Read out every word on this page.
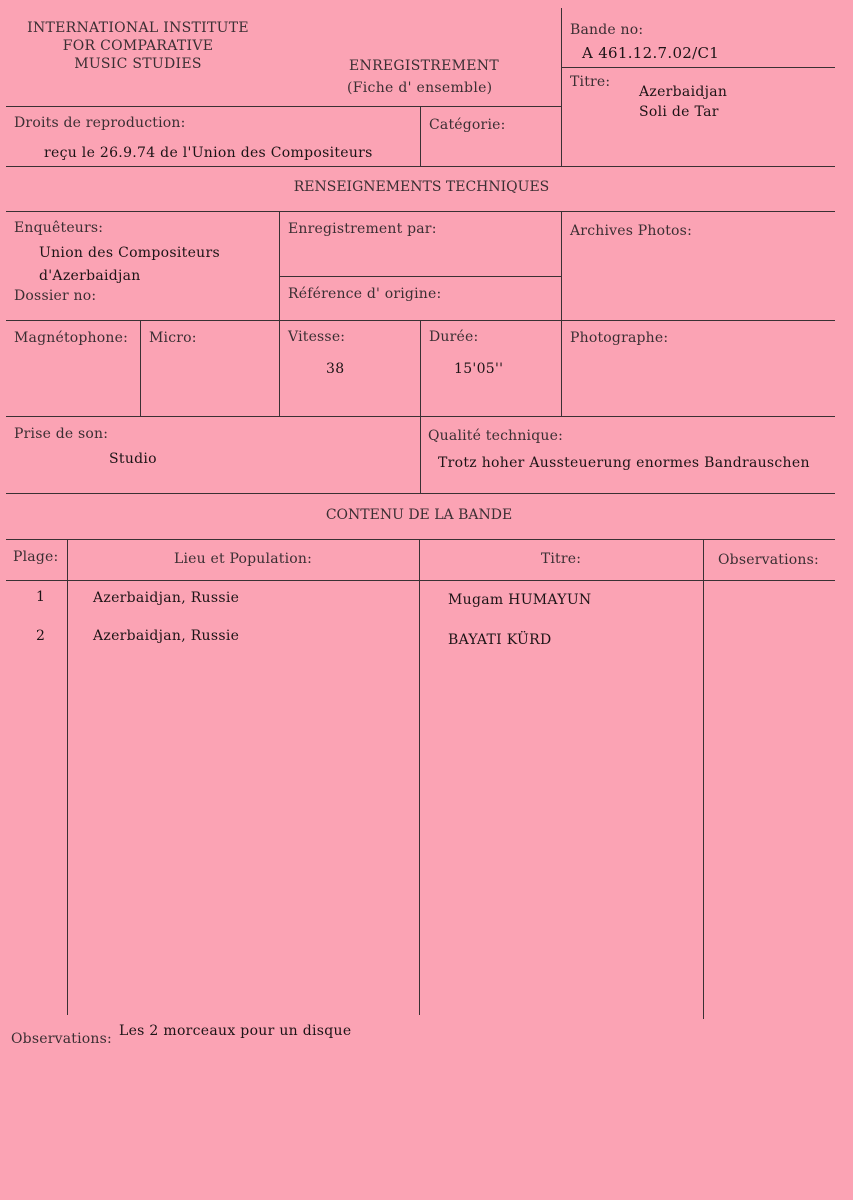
INTERNATIONAL INSTITUTE
FOR COMPARATIVE
MUSIC STUDIES	ENREGISTREMENT
(Fiche d' ensemble)
Bande no:
A 461.12.7.02/C1
Titre:
Azerbaidjan
Soli de Tar
Droits de reproduction:
reçu le 26.9.74 de l'Union des Compositeurs
Catégorie:
RENSEIGNEMENTS TECHNIQUES
Enquêteurs:
Union des Compositeurs
d'Azerbaidjan
Dossier no:
Enregistrement par:
Référence d' origine:
Archives Photos:
Magnétophone: Micro:	Vitesse:
38
Durée:
15'05''
Photographe:
Prise de son:
Studio
Qualité technique:
Trotz hoher Aussteuerung enormes Bandrauschen
CONTENU DE LA BANDE
Plage:	Lieu et Population:	Titre:	Observations:
1	Azerbaidjan, Russie	Mugam HUMAYUN
2	Azerbaidjan, Russie	BAYATI KÜRD
Observations: Les 2 morceaux pour un disque
